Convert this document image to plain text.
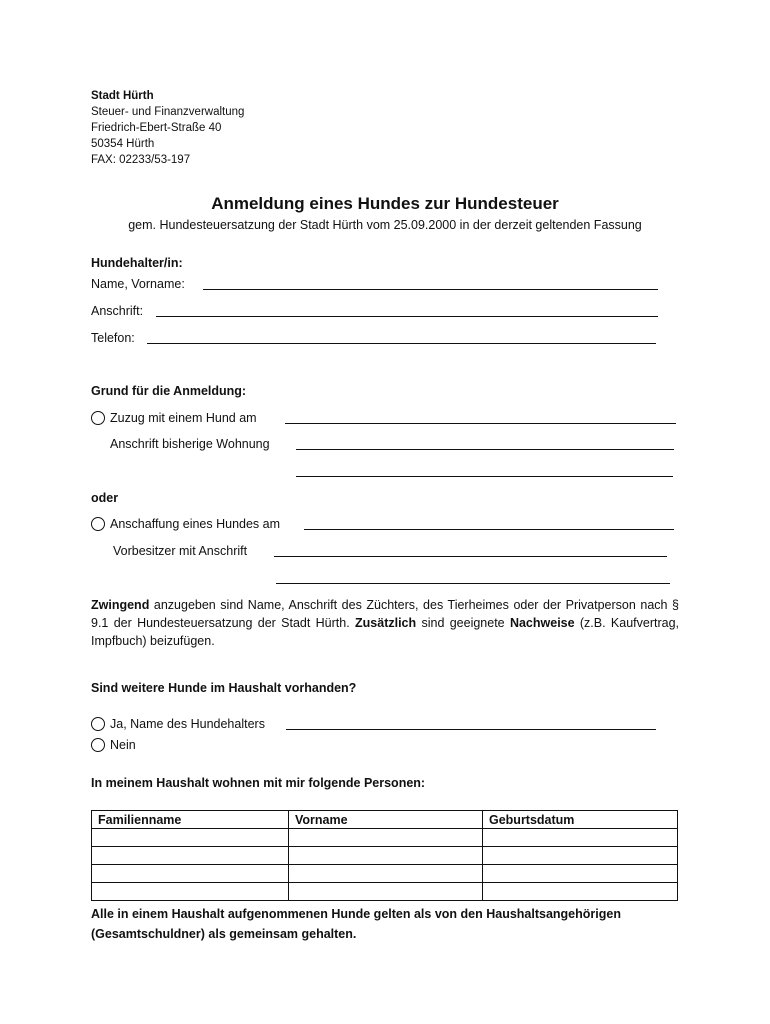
Stadt Hürth
Steuer- und Finanzverwaltung
Friedrich-Ebert-Straße 40
50354 Hürth
FAX: 02233/53-197
Anmeldung eines Hundes zur Hundesteuer
gem. Hundesteuersatzung der Stadt Hürth vom 25.09.2000 in der derzeit geltenden Fassung
Hundehalter/in:
Name, Vorname:
Anschrift:
Telefon:
Grund für die Anmeldung:
Zuzug mit einem Hund am
Anschrift bisherige Wohnung
oder
Anschaffung eines Hundes am
Vorbesitzer mit Anschrift
Zwingend anzugeben sind Name, Anschrift des Züchters, des Tierheimes oder der Privatperson nach § 9.1 der Hundesteuersatzung der Stadt Hürth. Zusätzlich sind geeignete Nachweise (z.B. Kaufvertrag, Impfbuch) beizufügen.
Sind weitere Hunde im Haushalt vorhanden?
Ja, Name des Hundehalters
Nein
In meinem Haushalt wohnen mit mir folgende Personen:
Familienname	Vorname	Geburtsdatum

Alle in einem Haushalt aufgenommenen Hunde gelten als von den Haushaltsangehörigen (Gesamtschuldner) als gemeinsam gehalten.
